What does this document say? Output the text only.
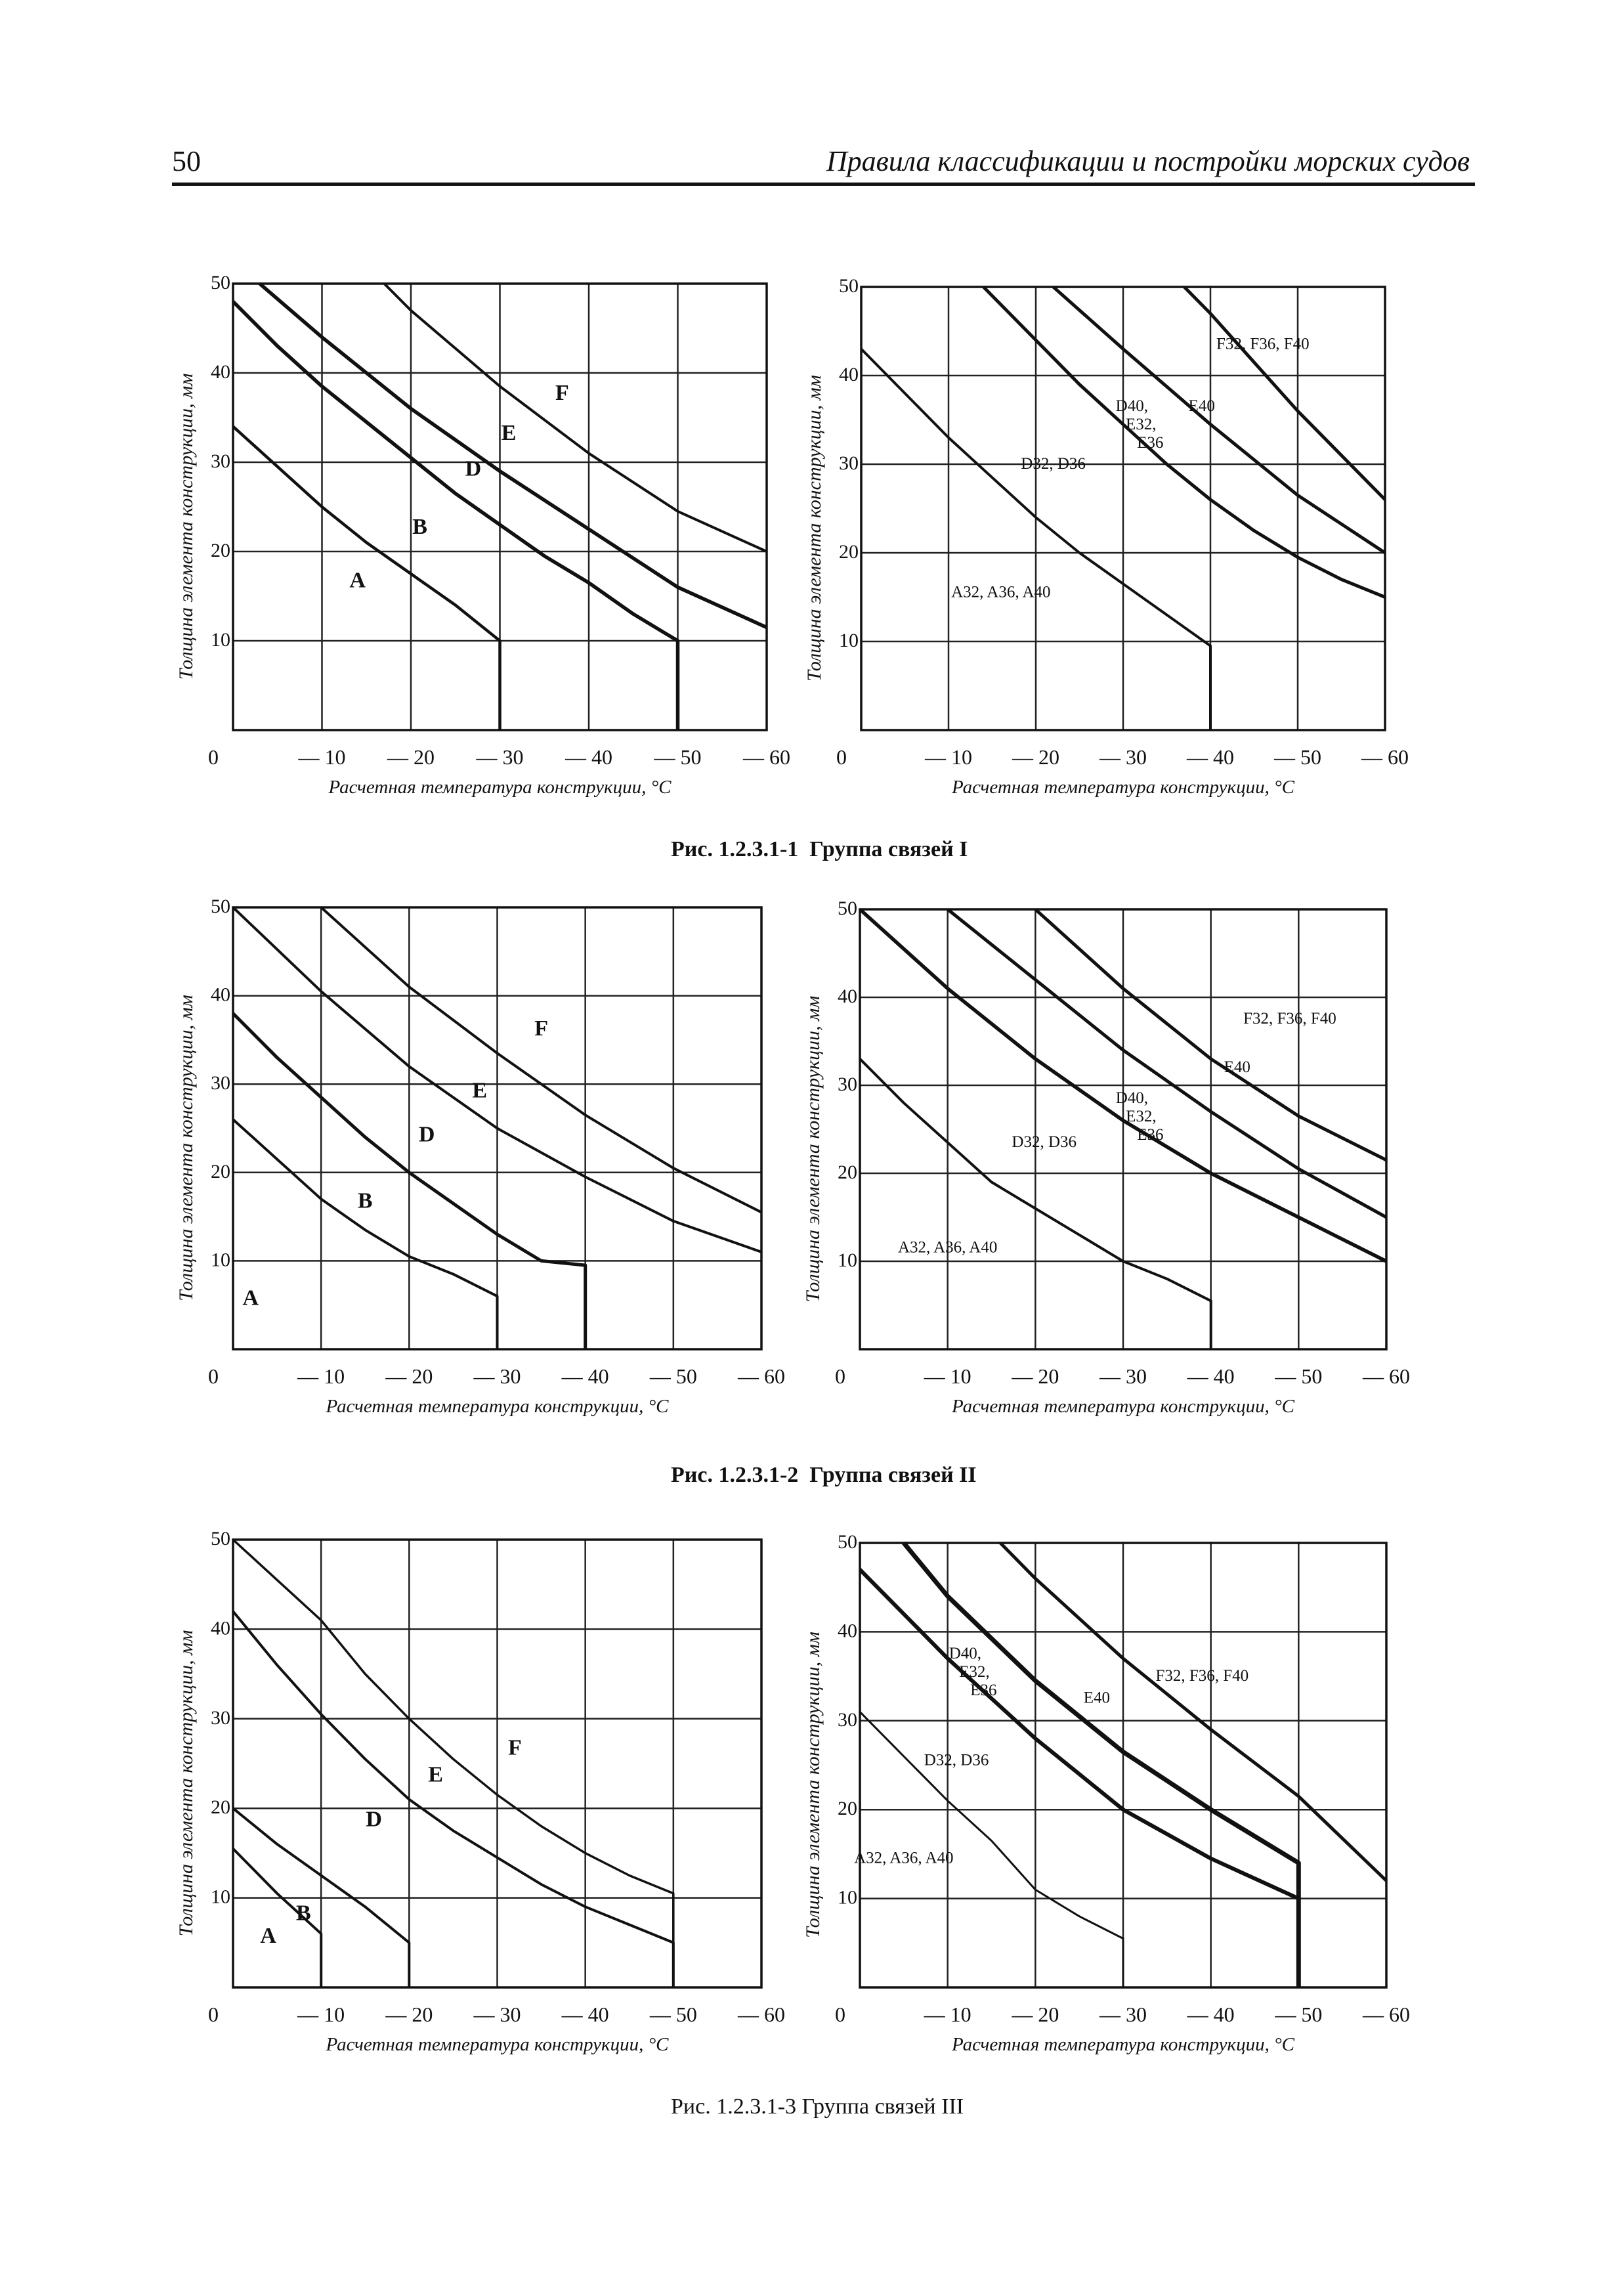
50	Правила классификации и постройки морских судов
10
20
30
40
50
0	— 10 — 20 — 30 — 40 — 50 — 60
Расчетная температура конструкции, °С
Толщина элемента конструкции, мм	A
B
D
E
F
10
20
30
40
50
0	— 10 — 20 — 30 — 40 — 50 — 60
Расчетная температура конструкции, °С
Толщина элемента конструкции, мм	A32, A36, A40
D32, D36
D40, E32, E36
E40
F32, F36, F40
10
20
30
40
50
0	— 10 — 20 — 30 — 40 — 50 — 60
Расчетная температура конструкции, °С
Толщина элемента конструкции, мм A
B
D
E
F
10
20
30
40
50
0	— 10 — 20 — 30 — 40 — 50 — 60
Расчетная температура конструкции, °С
Толщина элемента конструкции, мм	A32, A36, A40
D32, D36
D40, E32, E36
E40
F32, F36, F40
10
20
30
40
50
0	— 10 — 20 — 30 — 40 — 50 — 60
Расчетная температура конструкции, °С
Толщина элемента конструкции, мм	A
B
D
E
F
10
20
30
40
50
0	— 10 — 20 — 30 — 40 — 50 — 60
Расчетная температура конструкции, °С
Толщина элемента конструкции, мм A32, A36, A40
D32, D36
D40, E32, E36	E40
F32, F36, F40
Рис. 1.2.3.1-1 Группа связей I
Рис. 1.2.3.1-2 Группа связей II
Рис. 1.2.3.1-3 Группа связей III
